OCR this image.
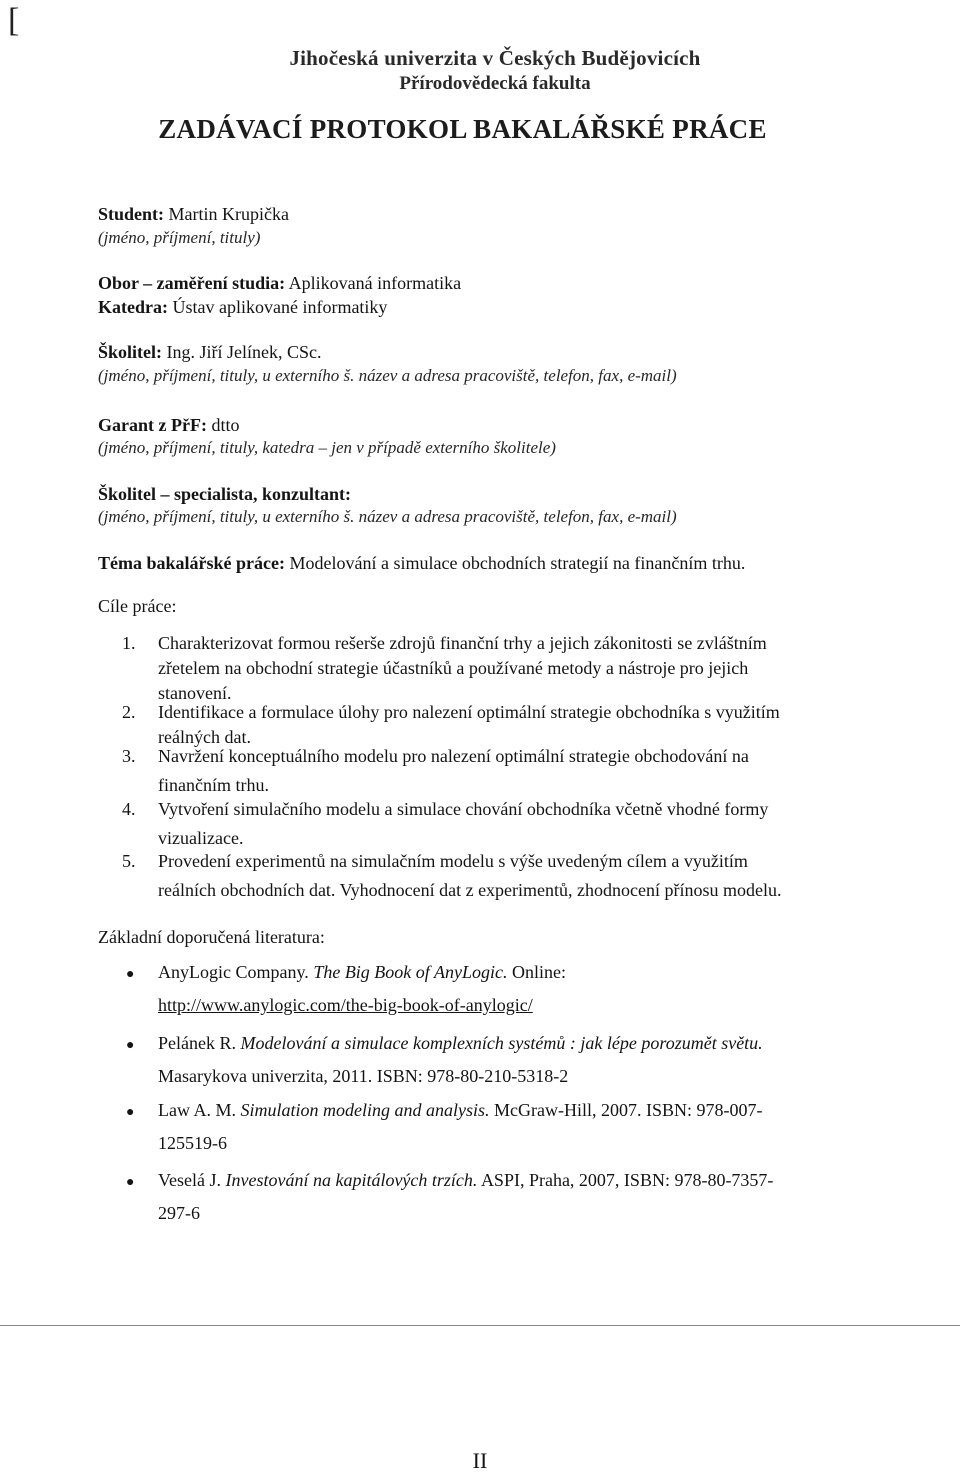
[
Jihočeská univerzita v Českých Budějovicích
Přírodovědecká fakulta
ZADÁVACÍ PROTOKOL BAKALÁŘSKÉ PRÁCE
Student: Martin Krupička
(jméno, příjmení, tituly)
Obor – zaměření studia: Aplikovaná informatika
Katedra: Ústav aplikované informatiky
Školitel: Ing. Jiří Jelínek, CSc.
(jméno, příjmení, tituly, u externího š. název a adresa pracoviště, telefon, fax, e-mail)
Garant z PřF: dtto
(jméno, příjmení, tituly, katedra – jen v případě externího školitele)
Školitel – specialista, konzultant:
(jméno, příjmení, tituly, u externího š. název a adresa pracoviště, telefon, fax, e-mail)
Téma bakalářské práce: Modelování a simulace obchodních strategií na finančním trhu.
Cíle práce:
1.	Charakterizovat formou rešerše zdrojů finanční trhy a jejich zákonitosti se zvláštním
zřetelem na obchodní strategie účastníků a používané metody a nástroje pro jejich
stanovení.
2.	Identifikace a formulace úlohy pro nalezení optimální strategie obchodníka s využitím
reálných dat.
3.	Navržení konceptuálního modelu pro nalezení optimální strategie obchodování na
finančním trhu.
4.	Vytvoření simulačního modelu a simulace chování obchodníka včetně vhodné formy
vizualizace.
5.	Provedení experimentů na simulačním modelu s výše uvedeným cílem a využitím
reálních obchodních dat. Vyhodnocení dat z experimentů, zhodnocení přínosu modelu.
Základní doporučená literatura:
● AnyLogic Company. The Big Book of AnyLogic. Online:
http://www.anylogic.com/the-big-book-of-anylogic/
● Pelánek R. Modelování a simulace komplexních systémů : jak lépe porozumět světu.
Masarykova univerzita, 2011. ISBN: 978-80-210-5318-2
● Law A. M. Simulation modeling and analysis. McGraw-Hill, 2007. ISBN: 978-007-
125519-6
● Veselá J. Investování na kapitálových trzích. ASPI, Praha, 2007, ISBN: 978-80-7357-
297-6
II
